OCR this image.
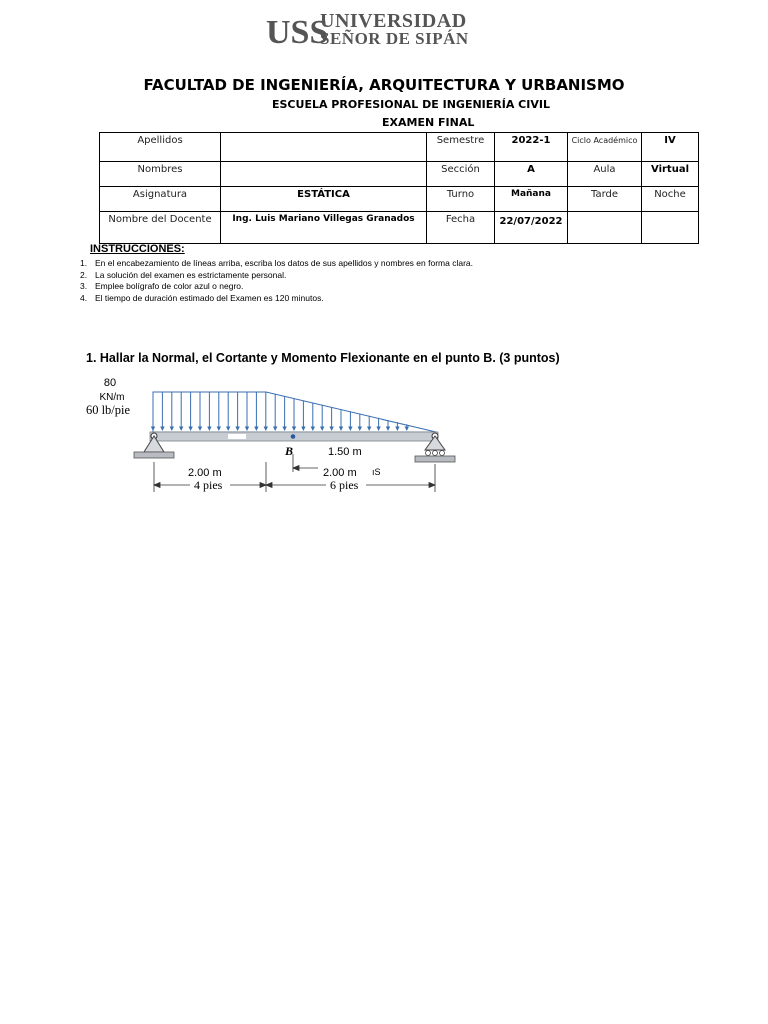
USS
UNIVERSIDAD
SEÑOR DE SIPÁN
FACULTAD DE INGENIERÍA, ARQUITECTURA Y URBANISMO
ESCUELA PROFESIONAL DE INGENIERÍA CIVIL
EXAMEN FINAL
Apellidos		Semestre	2022-1	Ciclo Académico	IV
Nombres		Sección	A	Aula	Virtual
Asignatura	ESTÁTICA	Turno	Mañana	Tarde	Noche
Nombre del Docente	Ing. Luis Mariano Villegas Granados	Fecha	22/07/2022		
INSTRUCCIONES:
1. En el encabezamiento de líneas arriba, escriba los datos de sus apellidos y nombres en forma clara.
2. La solución del examen es estrictamente personal.
3. Emplee bolígrafo de color azul o negro.
4. El tiempo de duración estimado del Examen es 120 minutos.
1. Hallar la Normal, el Cortante y Momento Flexionante en el punto B. (3 puntos)
80
KN/m
60 lb/pie
B	1.50 m
2.00 m	2.00 m ıS
4 pies	6 pies
